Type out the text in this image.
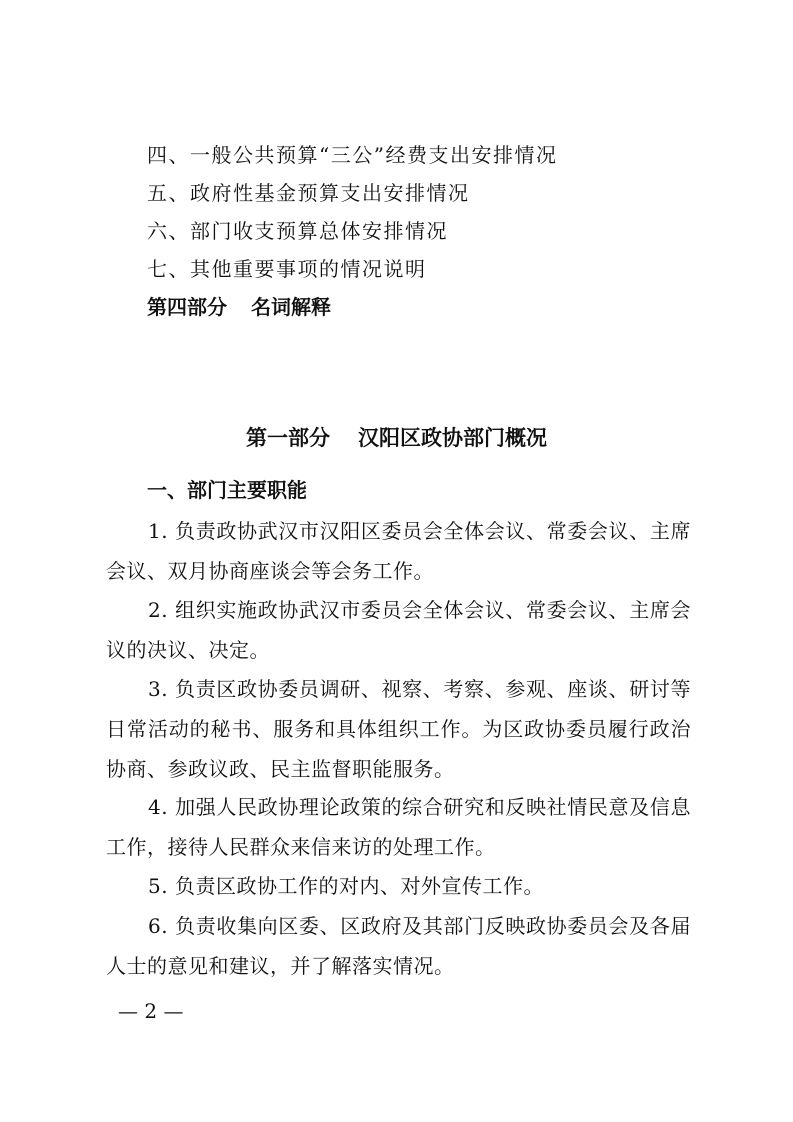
四、一般公共预算“三公”经费支出安排情况
五、政府性基金预算支出安排情况
六、部门收支预算总体安排情况
七、其他重要事项的情况说明
第四部分 名词解释
第一部分 汉阳区政协部门概况
一、部门主要职能
1. 负责政协武汉市汉阳区委员会全体会议、常委会议、主席会议、双月协商座谈会等会务工作。
2. 组织实施政协武汉市委员会全体会议、常委会议、主席会议的决议、决定。
3. 负责区政协委员调研、视察、考察、参观、座谈、研讨等日常活动的秘书、服务和具体组织工作。为区政协委员履行政治协商、参政议政、民主监督职能服务。
4. 加强人民政协理论政策的综合研究和反映社情民意及信息工作，接待人民群众来信来访的处理工作。
5. 负责区政协工作的对内、对外宣传工作。
6. 负责收集向区委、区政府及其部门反映政协委员会及各届人士的意见和建议，并了解落实情况。
— 2 —
